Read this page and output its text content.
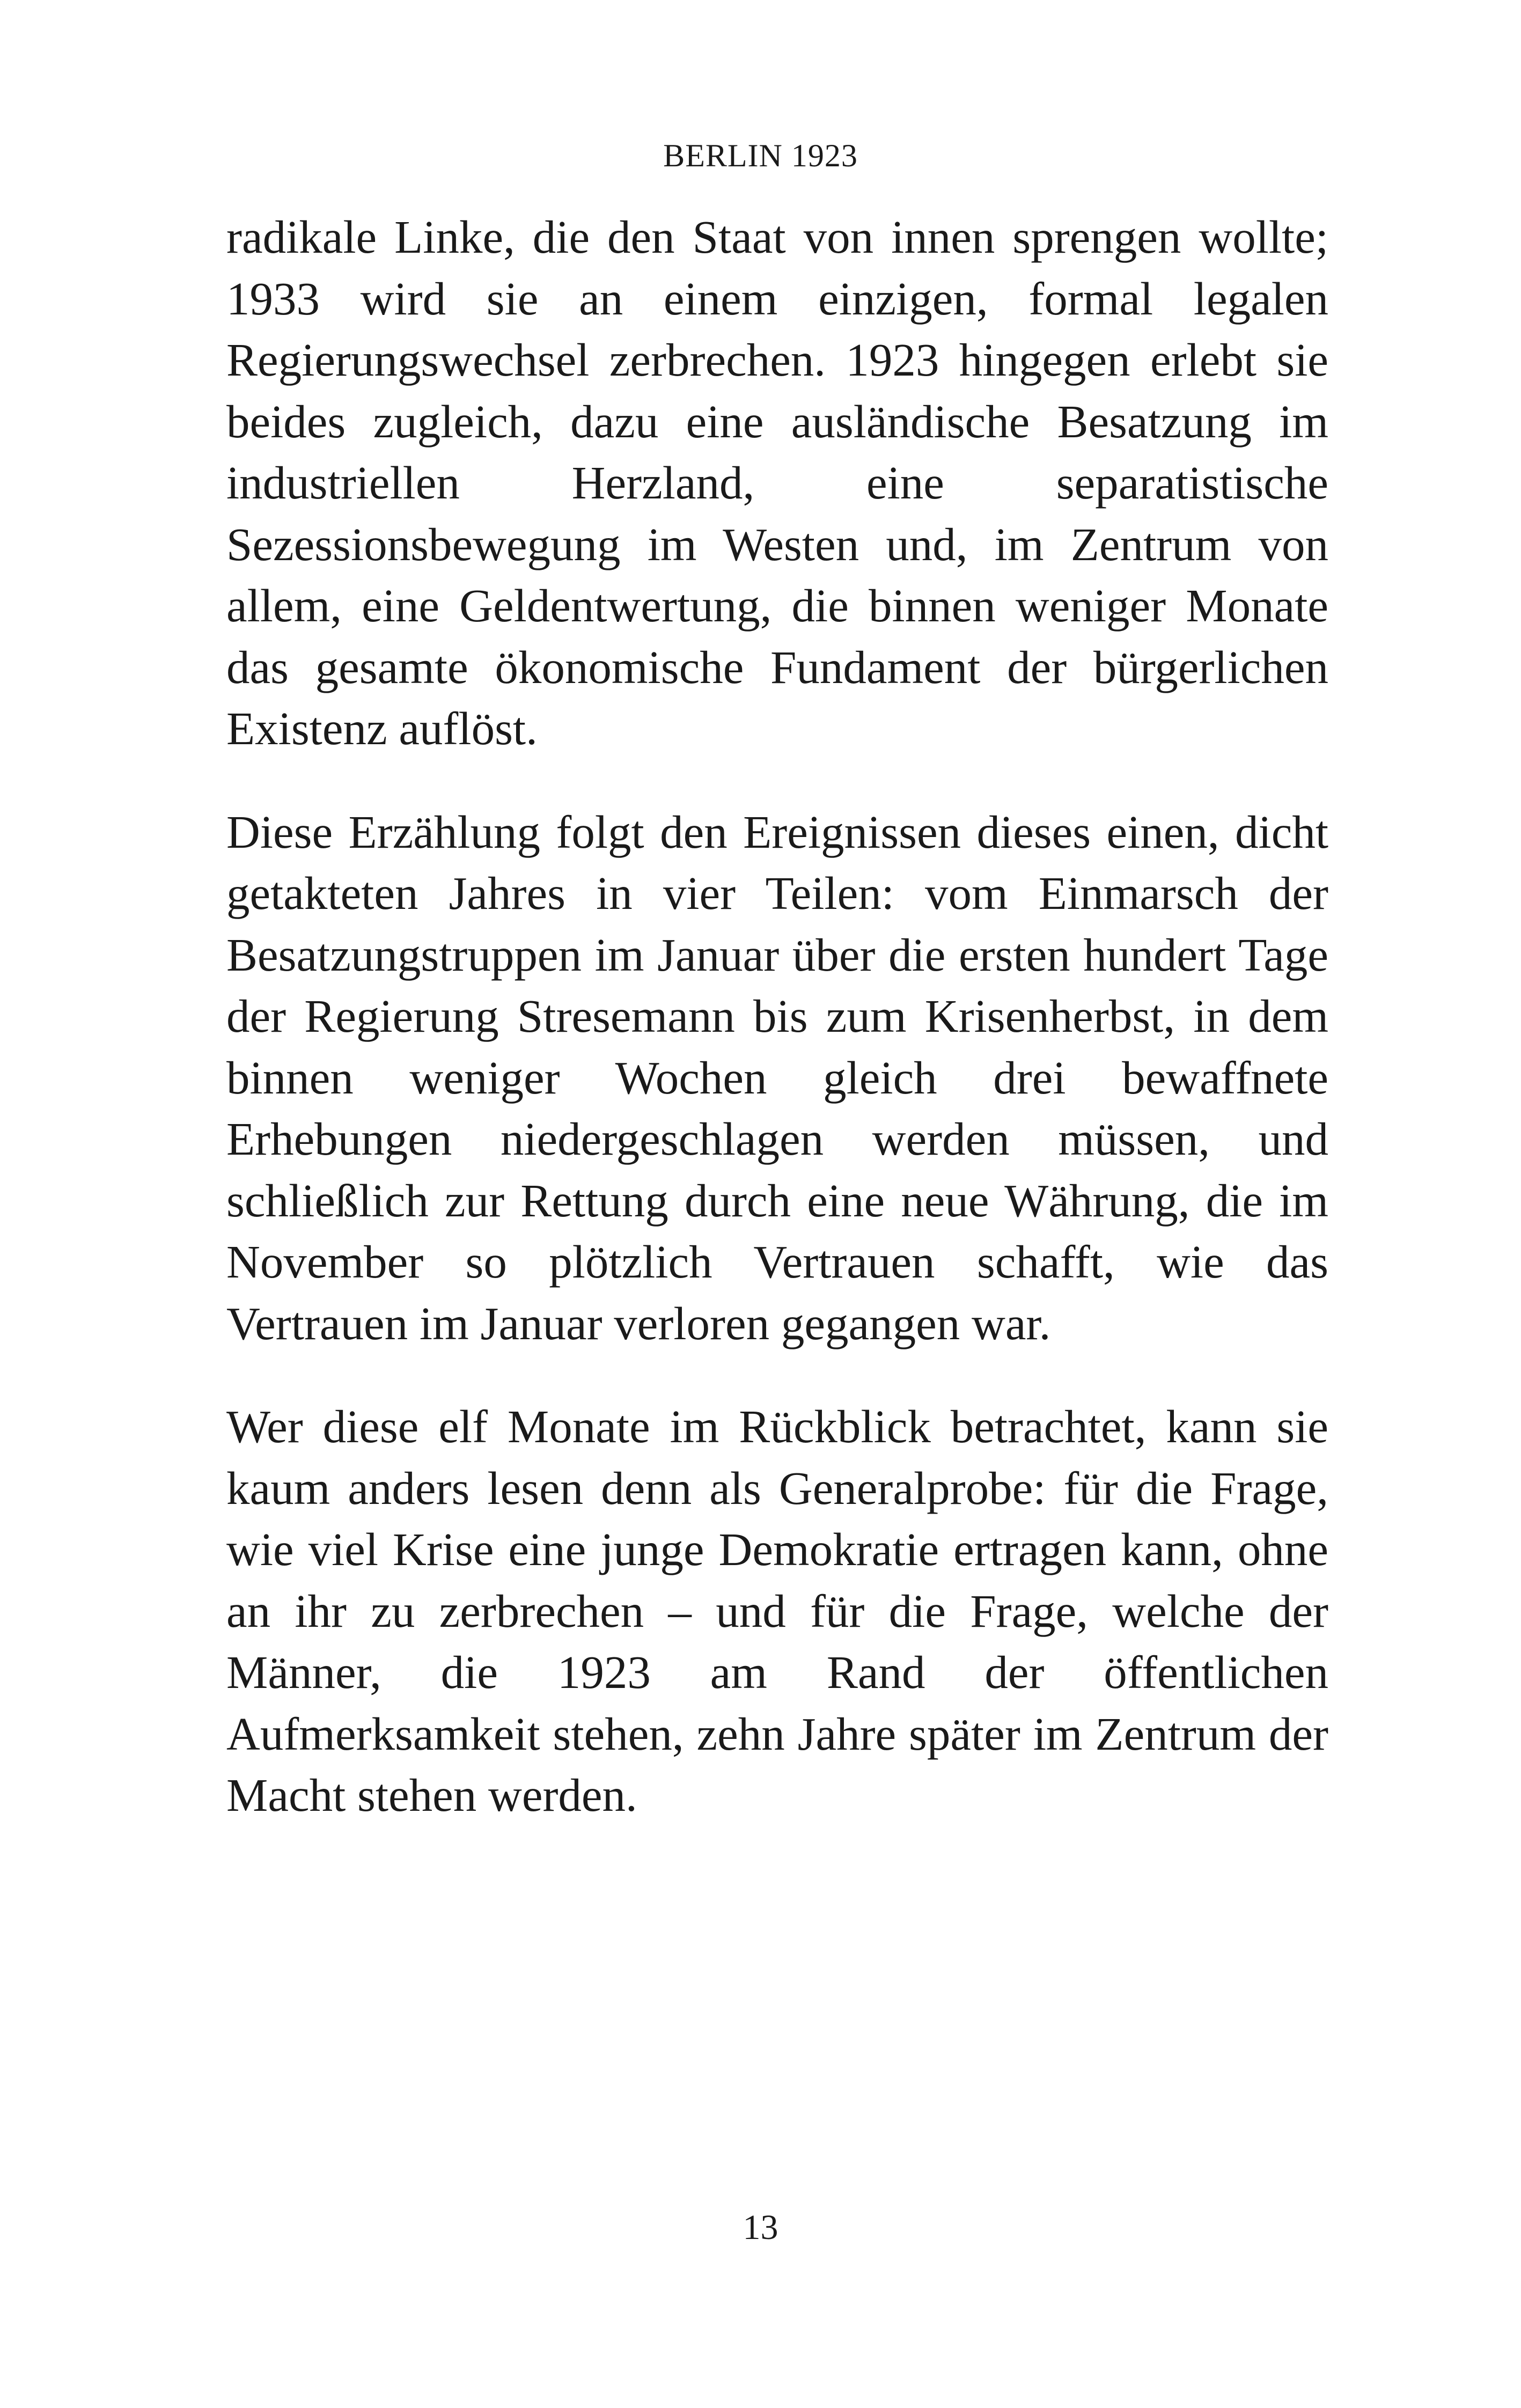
BERLIN 1923

radikale Linke, die den Staat von innen sprengen wollte;

1933 wird sie an einem einzigen, formal legalen

Regierungswechsel zerbrechen. 1923 hingegen erlebt sie

beides zugleich, dazu eine ausländische Besatzung im

industriellen Herzland, eine separatistische

Sezessionsbewegung im Westen und, im Zentrum von

allem, eine Geldentwertung, die binnen weniger Monate

das gesamte ökonomische Fundament der bürgerlichen

Existenz auflöst.

Diese Erzählung folgt den Ereignissen dieses einen, dicht

getakteten Jahres in vier Teilen: vom Einmarsch der

Besatzungstruppen im Januar über die ersten hundert Tage

der Regierung Stresemann bis zum Krisenherbst, in dem

binnen weniger Wochen gleich drei bewaffnete

Erhebungen niedergeschlagen werden müssen, und

schließlich zur Rettung durch eine neue Währung, die im

November so plötzlich Vertrauen schafft, wie das

Vertrauen im Januar verloren gegangen war.

Wer diese elf Monate im Rückblick betrachtet, kann sie

kaum anders lesen denn als Generalprobe: für die Frage,

wie viel Krise eine junge Demokratie ertragen kann, ohne

an ihr zu zerbrechen – und für die Frage, welche der

Männer, die 1923 am Rand der öffentlichen

Aufmerksamkeit stehen, zehn Jahre später im Zentrum der

Macht stehen werden.

13
